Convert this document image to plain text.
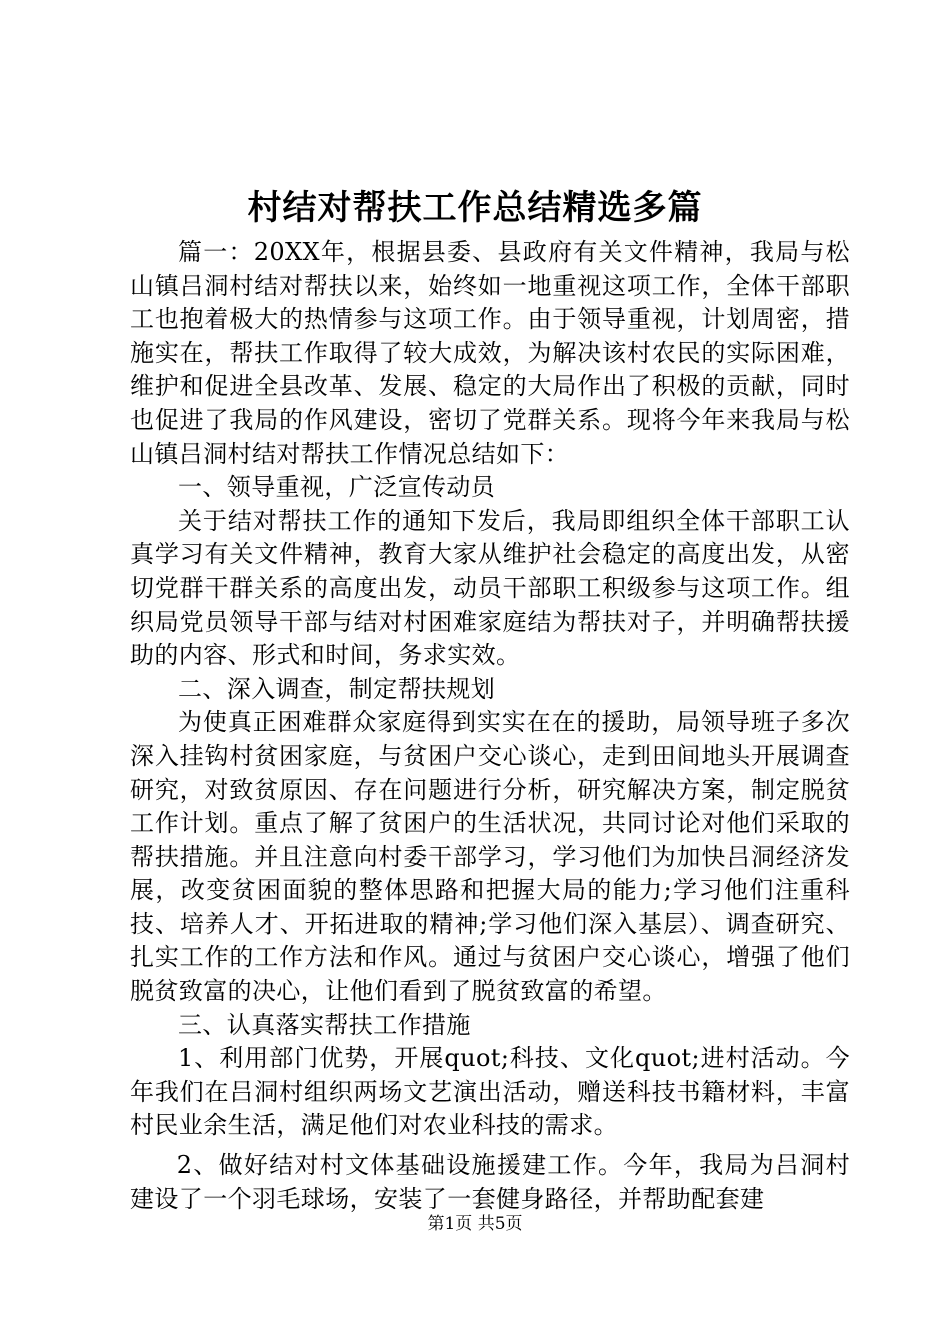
村结对帮扶工作总结精选多篇

篇一：20XX年，根据县委、县政府有关文件精神，我局与松山镇吕洞村结对帮扶以来，始终如一地重视这项工作，全体干部职工也抱着极大的热情参与这项工作。由于领导重视，计划周密，措施实在，帮扶工作取得了较大成效，为解决该村农民的实际困难，维护和促进全县改革、发展、稳定的大局作出了积极的贡献，同时也促进了我局的作风建设，密切了党群关系。现将今年来我局与松山镇吕洞村结对帮扶工作情况总结如下：

一、领导重视，广泛宣传动员

关于结对帮扶工作的通知下发后，我局即组织全体干部职工认真学习有关文件精神，教育大家从维护社会稳定的高度出发，从密切党群干群关系的高度出发，动员干部职工积级参与这项工作。组织局党员领导干部与结对村困难家庭结为帮扶对子，并明确帮扶援助的内容、形式和时间，务求实效。

二、深入调查，制定帮扶规划

为使真正困难群众家庭得到实实在在的援助，局领导班子多次深入挂钩村贫困家庭，与贫困户交心谈心，走到田间地头开展调查研究，对致贫原因、存在问题进行分析，研究解决方案，制定脱贫工作计划。重点了解了贫困户的生活状况，共同讨论对他们采取的帮扶措施。并且注意向村委干部学习，学习他们为加快吕洞经济发展，改变贫困面貌的整体思路和把握大局的能力;学习他们注重科技、培养人才、开拓进取的精神;学习他们深入基层）、调查研究、扎实工作的工作方法和作风。通过与贫困户交心谈心，增强了他们脱贫致富的决心，让他们看到了脱贫致富的希望。

三、认真落实帮扶工作措施

1、利用部门优势，开展quot;科技、文化quot;进村活动。今年我们在吕洞村组织两场文艺演出活动，赠送科技书籍材料，丰富村民业余生活，满足他们对农业科技的需求。

2、做好结对村文体基础设施援建工作。今年，我局为吕洞村建设了一个羽毛球场，安装了一套健身路径，并帮助配套建

第1页 共5页
